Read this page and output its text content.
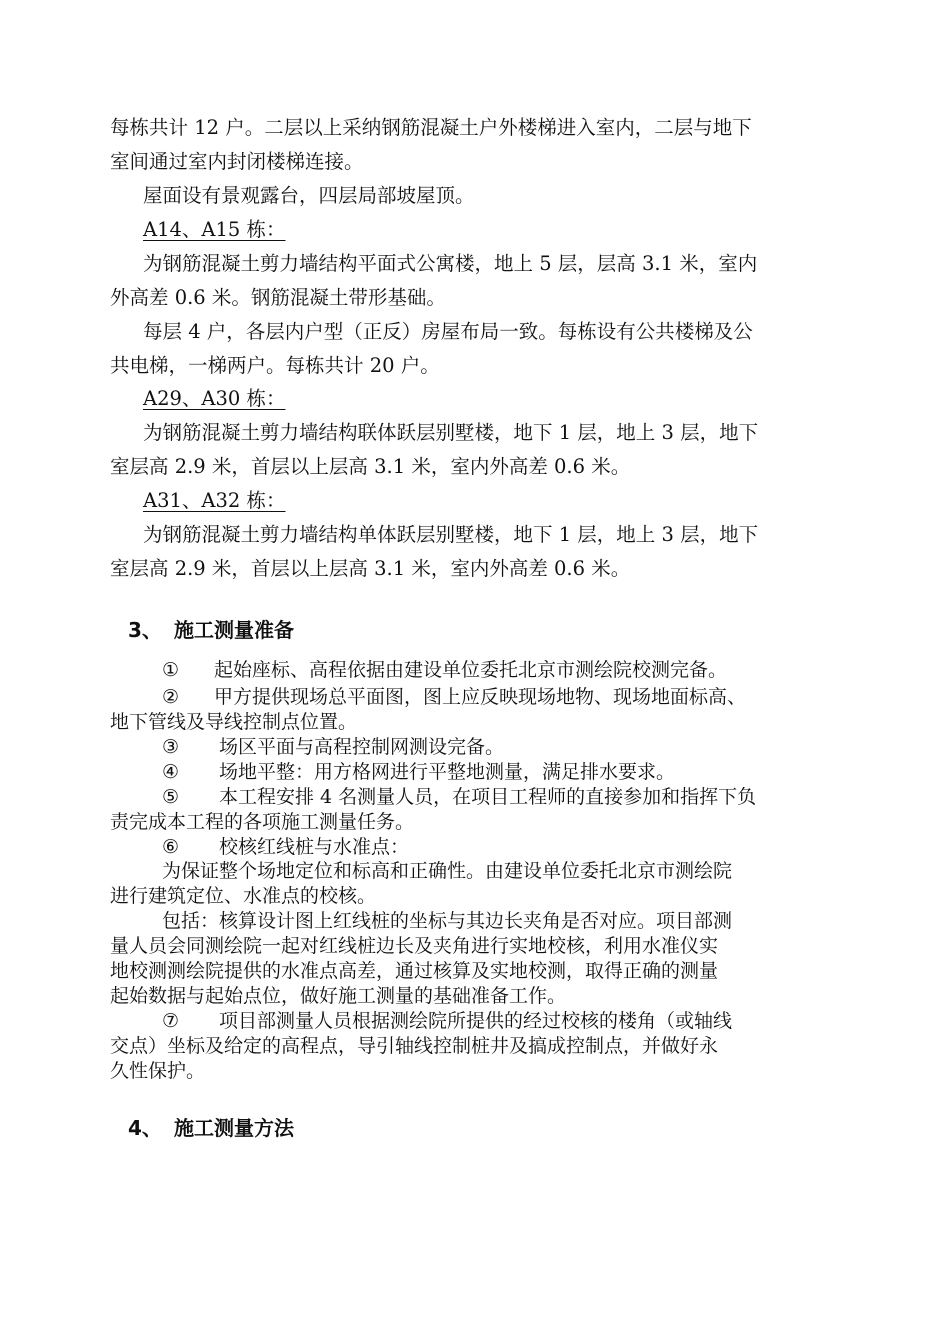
每栋共计 12 户。二层以上采纳钢筋混凝土户外楼梯进入室内，二层与地下
室间通过室内封闭楼梯连接。
屋面设有景观露台，四层局部坡屋顶。
A14、A15 栋：
为钢筋混凝土剪力墙结构平面式公寓楼，地上 5 层，层高 3.1 米，室内
外高差 0.6 米。钢筋混凝土带形基础。
每层 4 户，各层内户型（正反）房屋布局一致。每栋设有公共楼梯及公
共电梯，一梯两户。每栋共计 20 户。
A29、A30 栋：
为钢筋混凝土剪力墙结构联体跃层别墅楼，地下 1 层，地上 3 层，地下
室层高 2.9 米，首层以上层高 3.1 米，室内外高差 0.6 米。
A31、A32 栋：
为钢筋混凝土剪力墙结构单体跃层别墅楼，地下 1 层，地上 3 层，地下
室层高 2.9 米，首层以上层高 3.1 米，室内外高差 0.6 米。
3、 施工测量准备
① 起始座标、高程依据由建设单位委托北京市测绘院校测完备。
② 甲方提供现场总平面图，图上应反映现场地物、现场地面标高、
地下管线及导线控制点位置。
③ 场区平面与高程控制网测设完备。
④ 场地平整：用方格网进行平整地测量，满足排水要求。
⑤ 本工程安排 4 名测量人员，在项目工程师的直接参加和指挥下负
责完成本工程的各项施工测量任务。
⑥ 校核红线桩与水准点：
为保证整个场地定位和标高和正确性。由建设单位委托北京市测绘院
进行建筑定位、水准点的校核。
包括：核算设计图上红线桩的坐标与其边长夹角是否对应。项目部测
量人员会同测绘院一起对红线桩边长及夹角进行实地校核，利用水准仪实
地校测测绘院提供的水准点高差，通过核算及实地校测，取得正确的测量
起始数据与起始点位，做好施工测量的基础准备工作。
⑦ 项目部测量人员根据测绘院所提供的经过校核的楼角（或轴线
交点）坐标及给定的高程点，导引轴线控制桩井及搞成控制点，并做好永
久性保护。
4、 施工测量方法
